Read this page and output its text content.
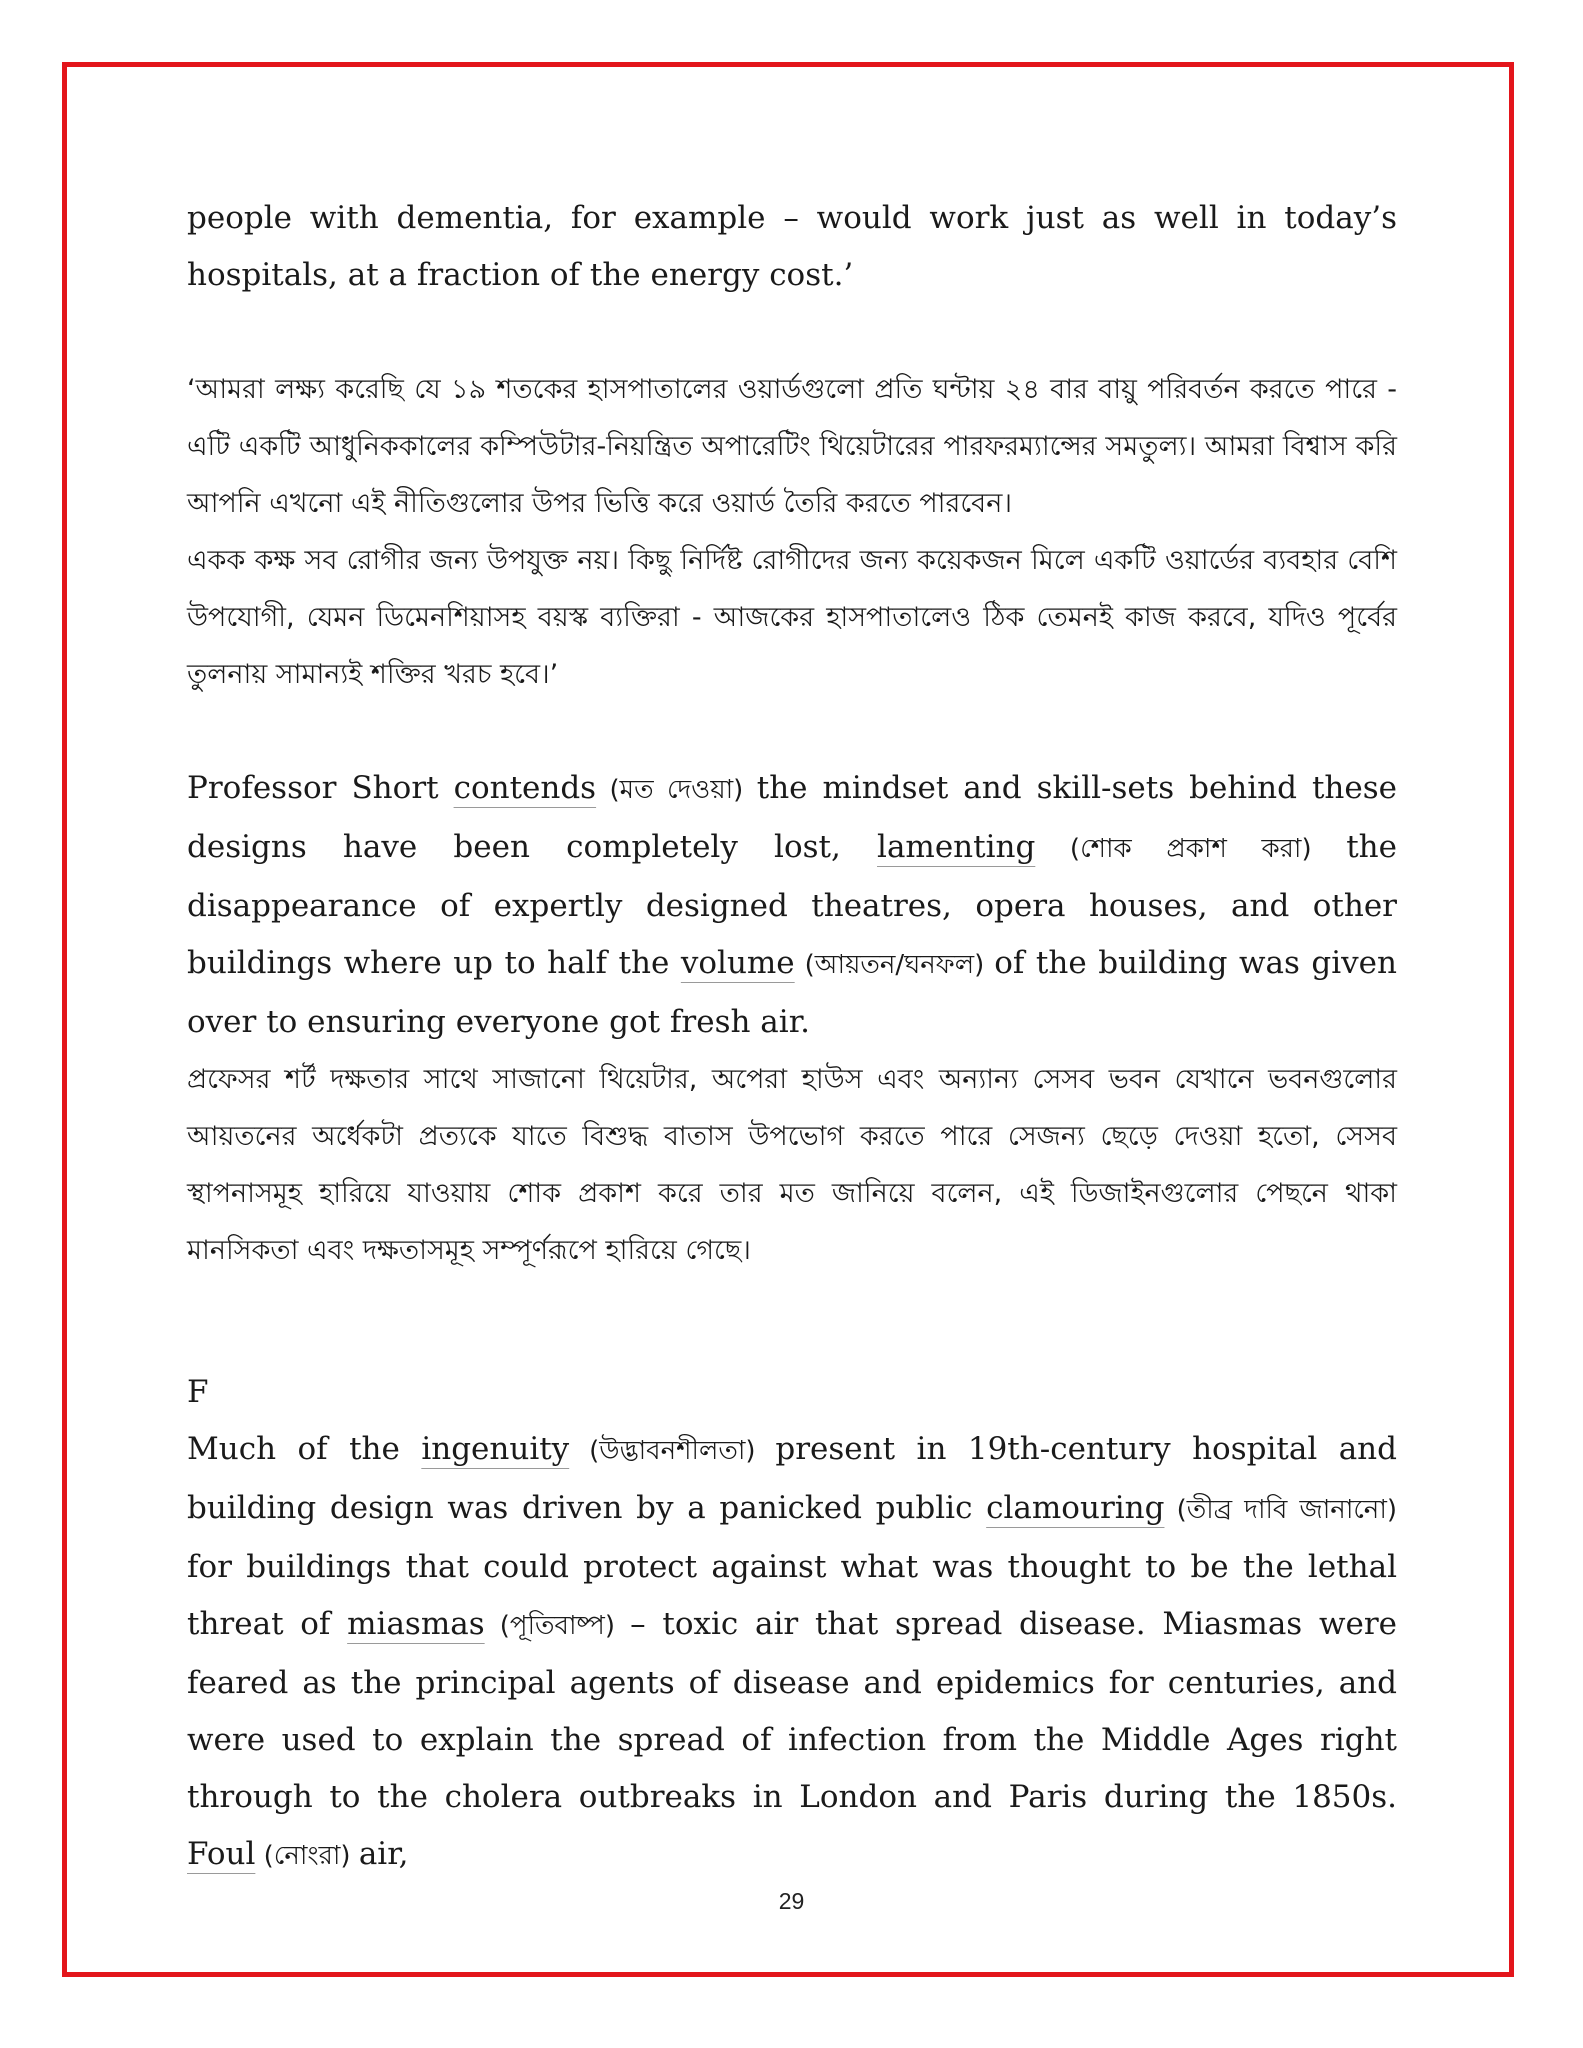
people with dementia, for example – would work just as well in today’s hospitals, at a fraction of the energy cost.’

‘আমরা লক্ষ্য করেছি যে ১৯ শতকের হাসপাতালের ওয়ার্ডগুলো প্রতি ঘন্টায় ২৪ বার বায়ু পরিবর্তন করতে পারে - এটি একটি আধুনিককালের কম্পিউটার-নিয়ন্ত্রিত অপারেটিং থিয়েটারের পারফরম্যান্সের সমতুল্য। আমরা বিশ্বাস করি আপনি এখনো এই নীতিগুলোর উপর ভিত্তি করে ওয়ার্ড তৈরি করতে পারবেন।

একক কক্ষ সব রোগীর জন্য উপযুক্ত নয়। কিছু নির্দিষ্ট রোগীদের জন্য কয়েকজন মিলে একটি ওয়ার্ডের ব্যবহার বেশি উপযোগী, যেমন ডিমেনশিয়াসহ বয়স্ক ব্যক্তিরা - আজকের হাসপাতালেও ঠিক তেমনই কাজ করবে, যদিও পূর্বের তুলনায় সামান্যই শক্তির খরচ হবে।’

Professor Short contends (মত দেওয়া) the mindset and skill-sets behind these designs have been completely lost, lamenting (শোক প্রকাশ করা) the disappearance of expertly designed theatres, opera houses, and other buildings where up to half the volume (আয়তন/ঘনফল) of the building was given over to ensuring everyone got fresh air.

প্রফেসর শর্ট দক্ষতার সাথে সাজানো থিয়েটার, অপেরা হাউস এবং অন্যান্য সেসব ভবন যেখানে ভবনগুলোর আয়তনের অর্ধেকটা প্রত্যকে যাতে বিশুদ্ধ বাতাস উপভোগ করতে পারে সেজন্য ছেড়ে দেওয়া হতো, সেসব স্থাপনাসমূহ হারিয়ে যাওয়ায় শোক প্রকাশ করে তার মত জানিয়ে বলেন, এই ডিজাইনগুলোর পেছনে থাকা মানসিকতা এবং দক্ষতাসমূহ সম্পূর্ণরূপে হারিয়ে গেছে।

F

Much of the ingenuity (উদ্ভাবনশীলতা) present in 19th-century hospital and building design was driven by a panicked public clamouring (তীব্র দাবি জানানো) for buildings that could protect against what was thought to be the lethal threat of miasmas (পূতিবাষ্প) – toxic air that spread disease. Miasmas were feared as the principal agents of disease and epidemics for centuries, and were used to explain the spread of infection from the Middle Ages right through to the cholera outbreaks in London and Paris during the 1850s. Foul (নোংরা) air,

29
